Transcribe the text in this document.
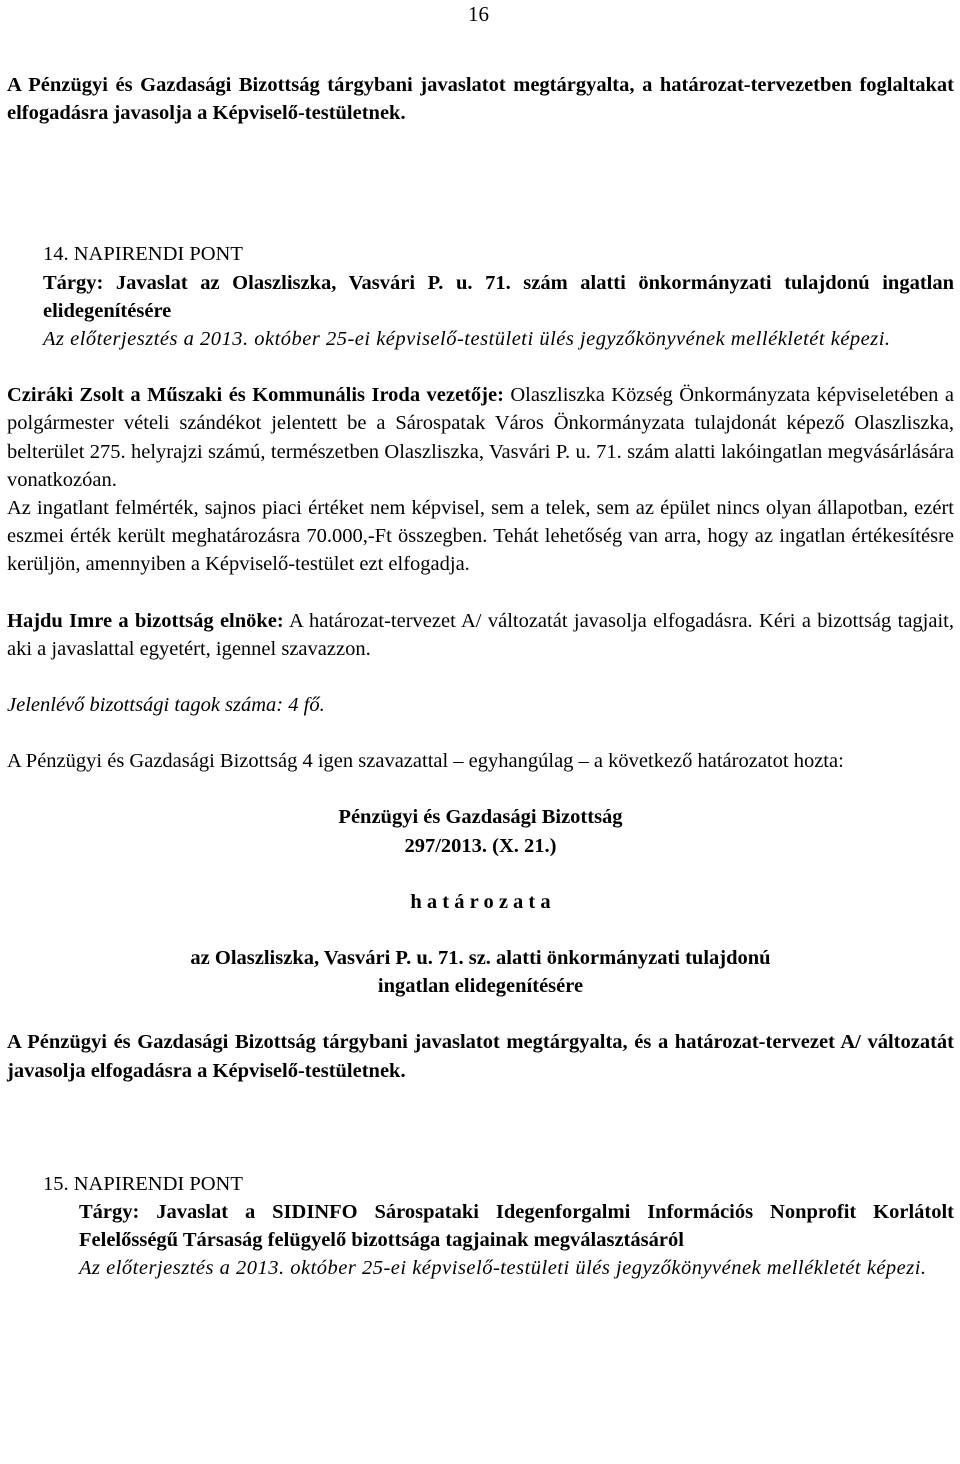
16

A Pénzügyi és Gazdasági Bizottság tárgybani javaslatot megtárgyalta, a határozat-tervezetben foglaltakat elfogadásra javasolja a Képviselő-testületnek.

14. NAPIRENDI PONT

Tárgy: Javaslat az Olaszliszka, Vasvári P. u. 71. szám alatti önkormányzati tulajdonú ingatlan elidegenítésére

Az előterjesztés a 2013. október 25-ei képviselő-testületi ülés jegyzőkönyvének mellékletét képezi.

Cziráki Zsolt a Műszaki és Kommunális Iroda vezetője: Olaszliszka Község Önkormányzata képviseletében a polgármester vételi szándékot jelentett be a Sárospatak Város Önkormányzata tulajdonát képező Olaszliszka, belterület 275. helyrajzi számú, természetben Olaszliszka, Vasvári P. u. 71. szám alatti lakóingatlan megvásárlására vonatkozóan.

Az ingatlant felmérték, sajnos piaci értéket nem képvisel, sem a telek, sem az épület nincs olyan állapotban, ezért eszmei érték került meghatározásra 70.000,-Ft összegben. Tehát lehetőség van arra, hogy az ingatlan értékesítésre kerüljön, amennyiben a Képviselő-testület ezt elfogadja.

Hajdu Imre a bizottság elnöke: A határozat-tervezet A/ változatát javasolja elfogadásra. Kéri a bizottság tagjait, aki a javaslattal egyetért, igennel szavazzon.

Jelenlévő bizottsági tagok száma: 4 fő.

A Pénzügyi és Gazdasági Bizottság 4 igen szavazattal – egyhangúlag – a következő határozatot hozta:

Pénzügyi és Gazdasági Bizottság

297/2013. (X. 21.)

h a t á r o z a t a

az Olaszliszka, Vasvári P. u. 71. sz. alatti önkormányzati tulajdonú

ingatlan elidegenítésére

A Pénzügyi és Gazdasági Bizottság tárgybani javaslatot megtárgyalta, és a határozat-tervezet A/ változatát javasolja elfogadásra a Képviselő-testületnek.

15. NAPIRENDI PONT

Tárgy: Javaslat a SIDINFO Sárospataki Idegenforgalmi Információs Nonprofit Korlátolt Felelősségű Társaság felügyelő bizottsága tagjainak megválasztásáról

Az előterjesztés a 2013. október 25-ei képviselő-testületi ülés jegyzőkönyvének mellékletét képezi.
